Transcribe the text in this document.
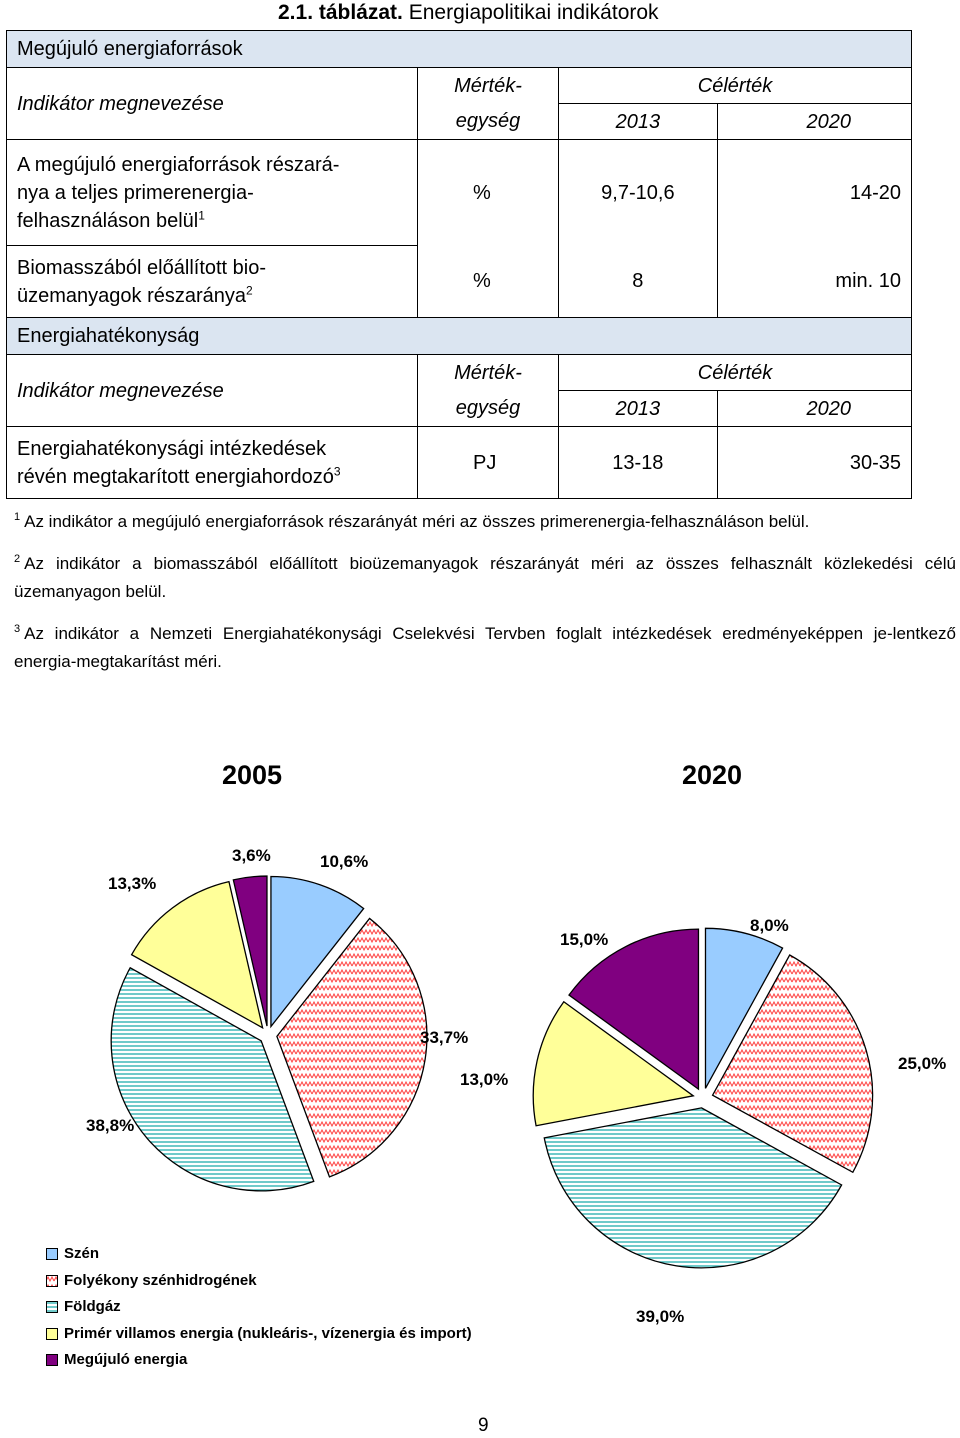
2.1. táblázat. Energiapolitikai indikátorok
Megújuló energiaforrások			
Indikátor megnevezése	Mérték-	Célérték	
	egység	2013	2020
A megújuló energiaforrások részará-
nya a teljes primerenergia-
felhasználáson belül$^1$	%	9,7-10,6	14-20
Biomasszából előállított bio-
üzemanyagok részaránya$^2$	%	8	min. 10
Energiahatékonyság			
Indikátor megnevezése	Mérték-	Célérték	
	egység	2013	2020
Energiahatékonysági intézkedések
révén megtakarított energiahordozó$^3$	PJ	13-18	30-35
$^1$ Az indikátor a megújuló energiaforrások részarányát méri az összes primerenergia-felhasználáson belül.
$^2$ Az indikátor a biomasszából előállított bioüzemanyagok részarányát méri az összes felhasznált közlekedési célú üzemanyagon belül.
$^3$ Az indikátor a Nemzeti Energiahatékonysági Cselekvési Tervben foglalt intézkedések eredményeképpen je-lentkező energia-megtakarítást méri.
2005	2020
3,6%	10,6%
13,3%
33,7%
38,8%
8,0%
15,0%
25,0%
13,0%
39,0%
Szén
Folyékony szénhidrogének
Földgáz
Primér villamos energia (nukleáris-, vízenergia és import)
Megújuló energia
9
